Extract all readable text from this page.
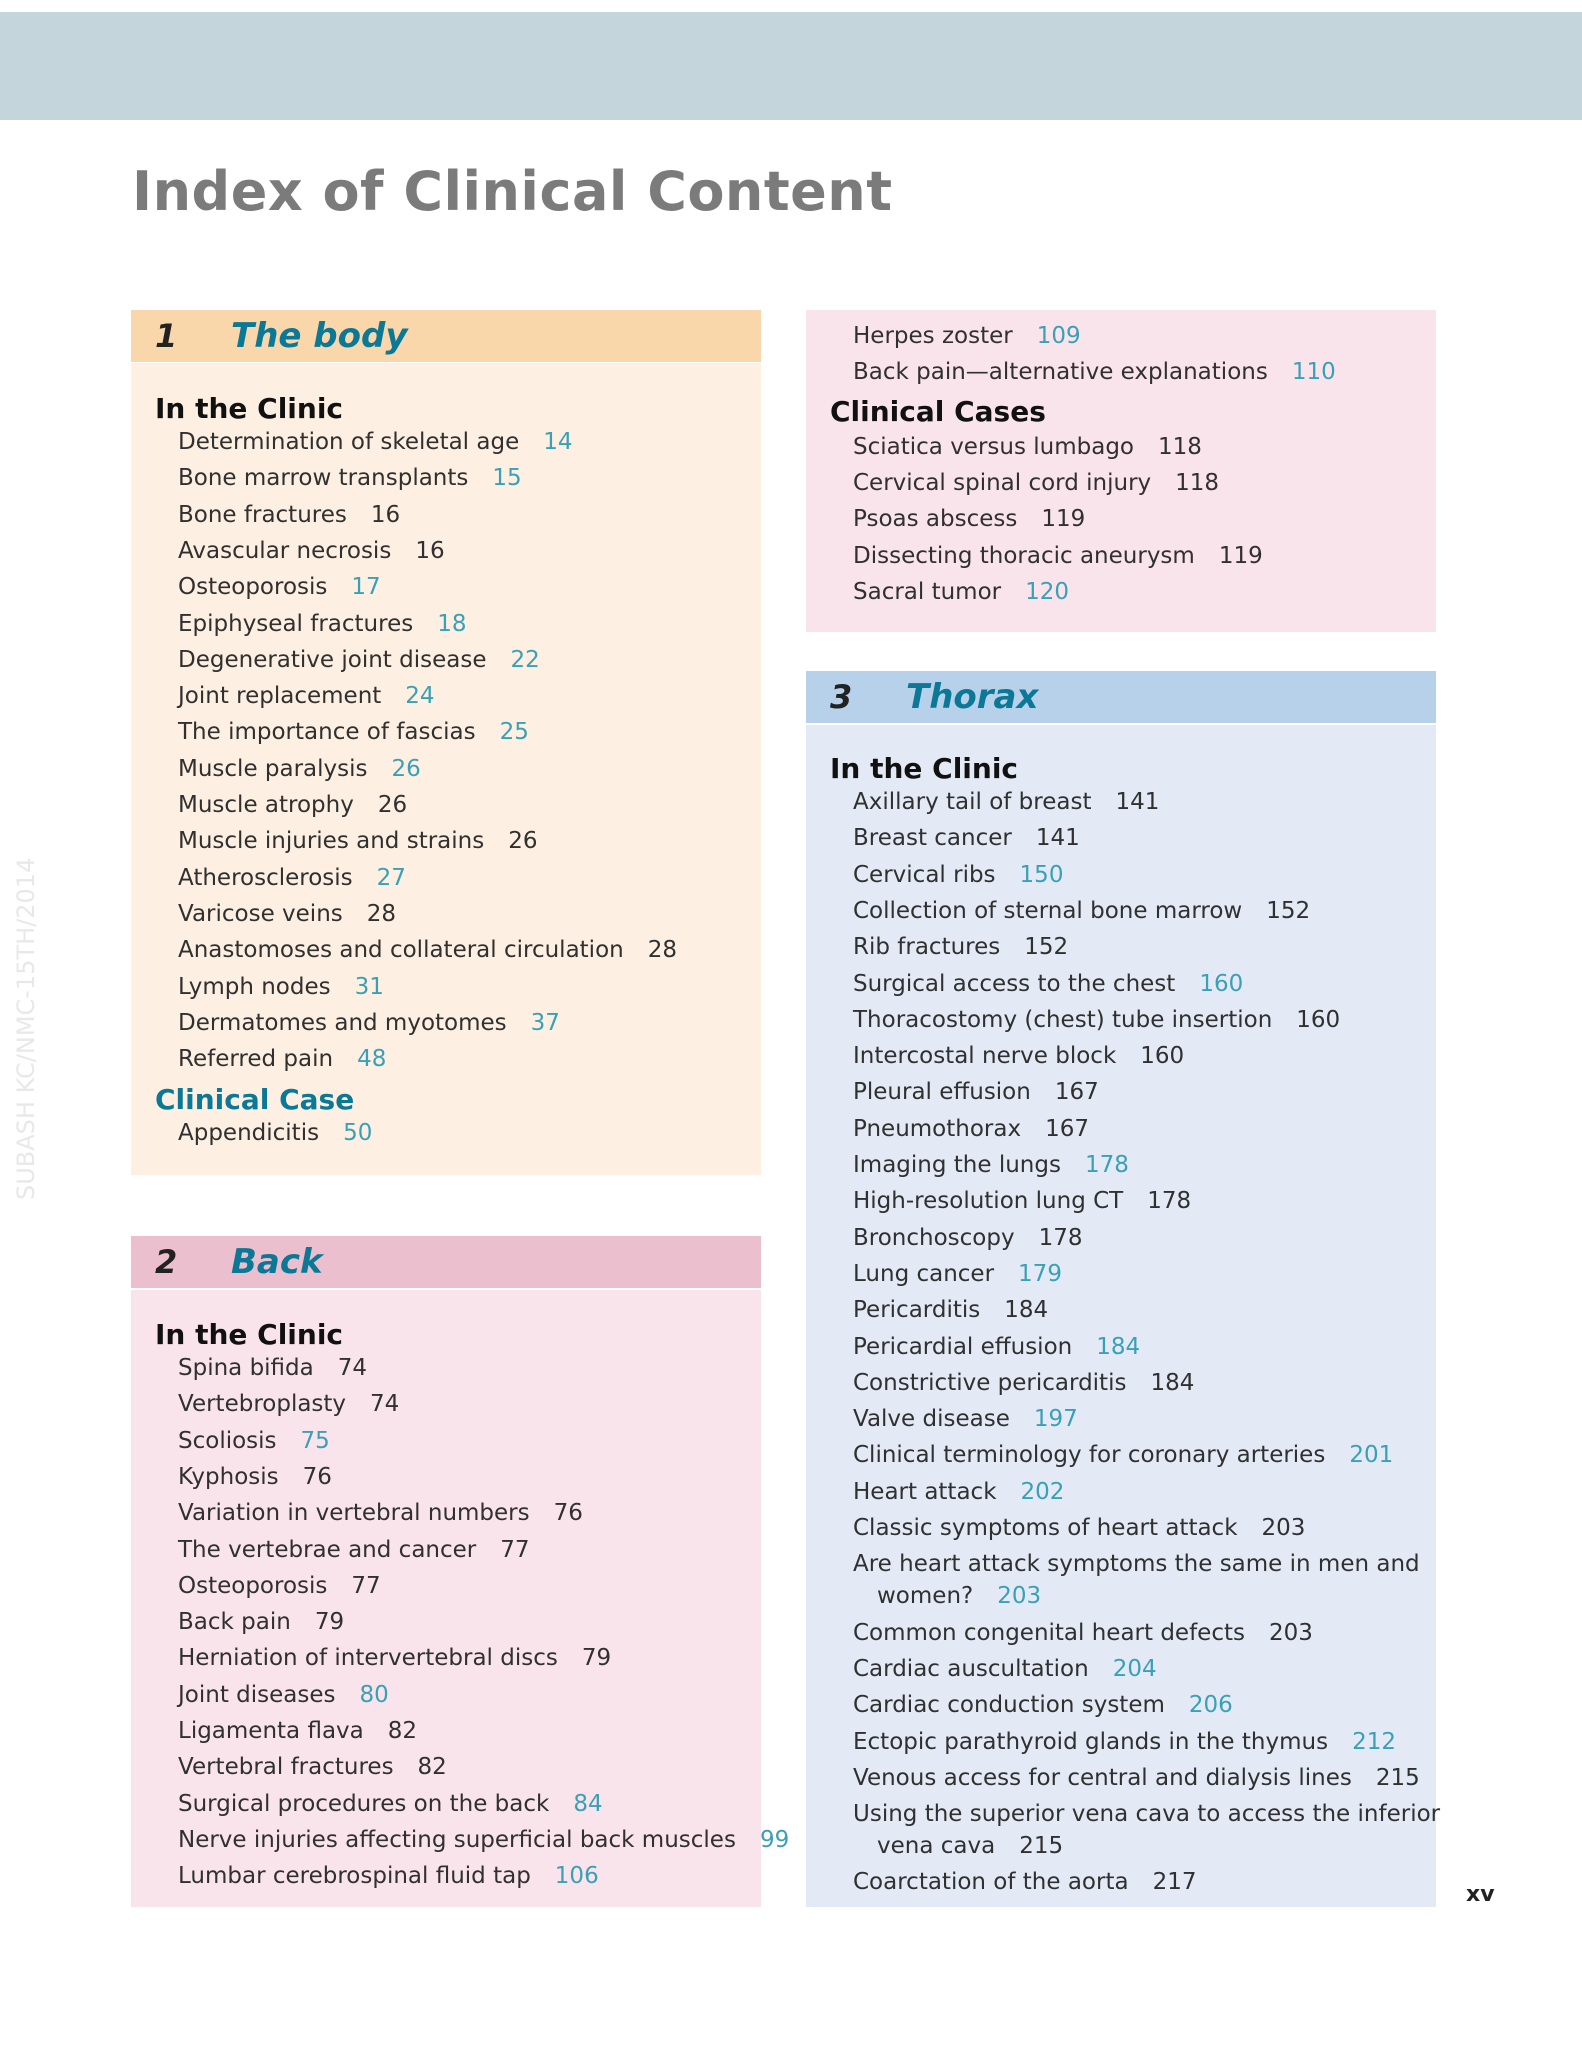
Index of Clinical Content
SUBASH KC/NMC-15TH/2014
1	The body
2	Back
3	Thorax
In the Clinic
Determination of skeletal age 14
Bone marrow transplants 15
Bone fractures 16
Avascular necrosis 16
Osteoporosis 17
Epiphyseal fractures 18
Degenerative joint disease 22
Joint replacement 24
The importance of fascias 25
Muscle paralysis 26
Muscle atrophy 26
Muscle injuries and strains 26
Atherosclerosis 27
Varicose veins 28
Anastomoses and collateral circulation 28
Lymph nodes 31
Dermatomes and myotomes 37
Referred pain 48
Clinical Case
Appendicitis 50
In the Clinic
Spina bifida 74
Vertebroplasty 74
Scoliosis 75
Kyphosis 76
Variation in vertebral numbers 76
The vertebrae and cancer 77
Osteoporosis 77
Back pain 79
Herniation of intervertebral discs 79
Joint diseases 80
Ligamenta flava 82
Vertebral fractures 82
Surgical procedures on the back 84
Nerve injuries affecting superficial back muscles 99
Lumbar cerebrospinal fluid tap 106
Herpes zoster 109
Back pain—alternative explanations 110
Clinical Cases
Sciatica versus lumbago 118
Cervical spinal cord injury 118
Psoas abscess 119
Dissecting thoracic aneurysm 119
Sacral tumor 120
In the Clinic
Axillary tail of breast 141
Breast cancer 141
Cervical ribs 150
Collection of sternal bone marrow 152
Rib fractures 152
Surgical access to the chest 160
Thoracostomy (chest) tube insertion 160
Intercostal nerve block 160
Pleural effusion 167
Pneumothorax 167
Imaging the lungs 178
High-resolution lung CT 178
Bronchoscopy 178
Lung cancer 179
Pericarditis 184
Pericardial effusion 184
Constrictive pericarditis 184
Valve disease 197
Clinical terminology for coronary arteries 201
Heart attack 202
Classic symptoms of heart attack 203
Are heart attack symptoms the same in men and
women? 203
Common congenital heart defects 203
Cardiac auscultation 204
Cardiac conduction system 206
Ectopic parathyroid glands in the thymus 212
Venous access for central and dialysis lines 215
Using the superior vena cava to access the inferior
vena cava 215
Coarctation of the aorta 217	xv
